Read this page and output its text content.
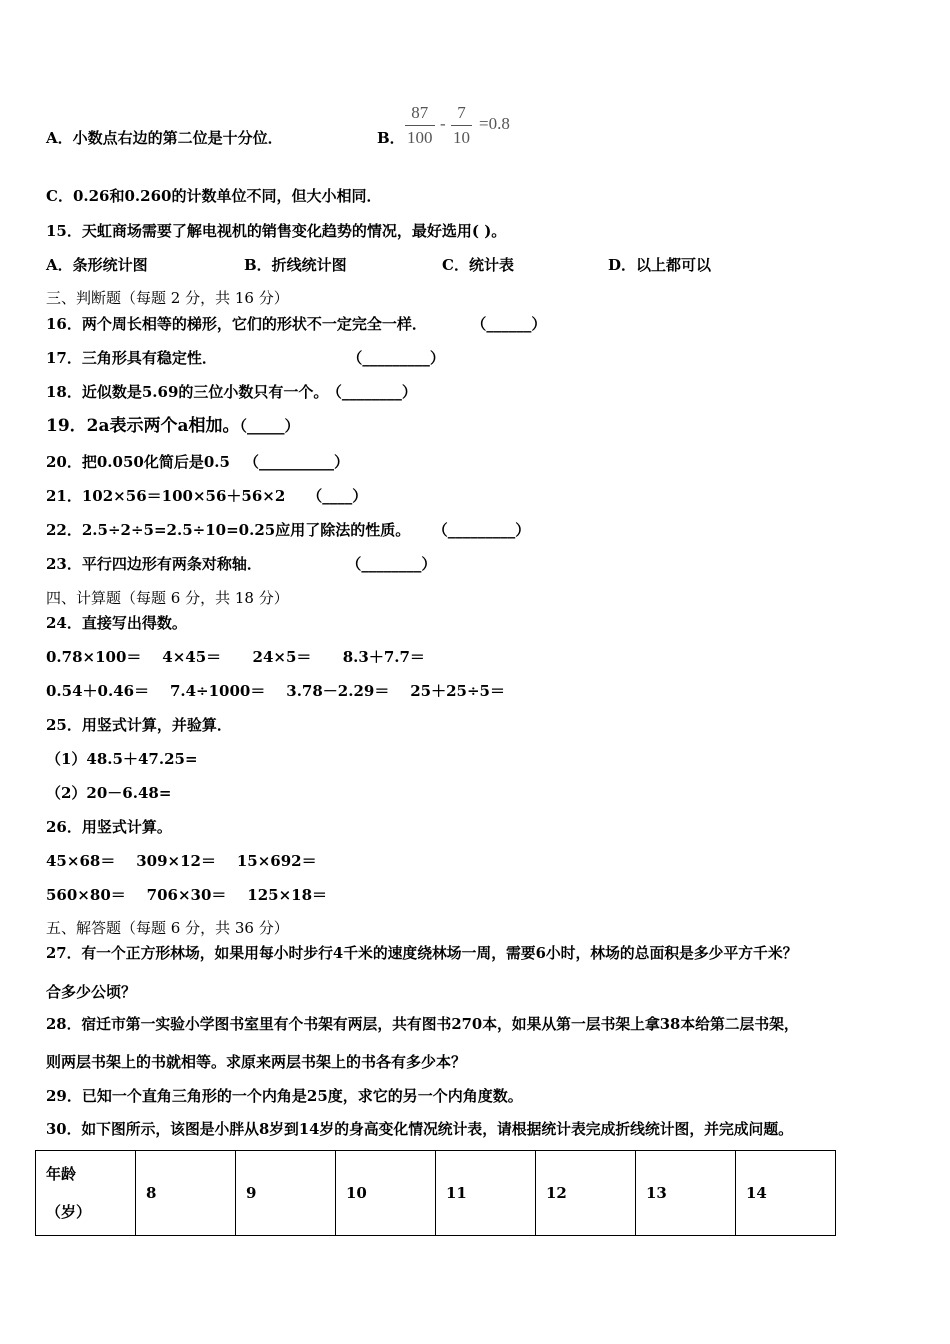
A．小数点右边的第二位是十分位．	B．
87
100
-
7
10
=0.8
C．0.26和0.260的计数单位不同，但大小相同．
15．天虹商场需要了解电视机的销售变化趋势的情况，最好选用( )。
A．条形统计图	B．折线统计图	C．统计表	D．以上都可以
三、判断题（每题 2 分，共 16 分）
16．两个周长相等的梯形，它们的形状不一定完全一样．	（______）
17．三角形具有稳定性．	（_________）
18．近似数是5.69的三位小数只有一个。 （________）
19．2a表示两个a相加。（_____）
20．把0.050化简后是0.5 （__________）
21．102×56＝100×56＋56×2 （____）
22．2.5÷2÷5=2.5÷10=0.25应用了除法的性质。 （_________）
23．平行四边形有两条对称轴．	（________）
四、计算题（每题 6 分，共 18 分）
24．直接写出得数。
0.78×100＝    4×45＝      24×5＝      8.3＋7.7＝
0.54＋0.46＝    7.4÷1000＝    3.78－2.29＝    25＋25÷5＝
25．用竖式计算，并验算．
（1）48.5＋47.25=
（2）20－6.48=
26．用竖式计算。
45×68＝    309×12＝    15×692＝
560×80＝    706×30＝    125×18＝
五、解答题（每题 6 分，共 36 分）
27．有一个正方形林场，如果用每小时步行4千米的速度绕林场一周，需要6小时，林场的总面积是多少平方千米？
合多少公顷？
28．宿迁市第一实验小学图书室里有个书架有两层，共有图书270本，如果从第一层书架上拿38本给第二层书架，
则两层书架上的书就相等。求原来两层书架上的书各有多少本？
29．已知一个直角三角形的一个内角是25度，求它的另一个内角度数。
30．如下图所示，该图是小胖从8岁到14岁的身高变化情况统计表，请根据统计表完成折线统计图，并完成问题。
年龄
（岁）
	8	9	10	11	12	13	14
